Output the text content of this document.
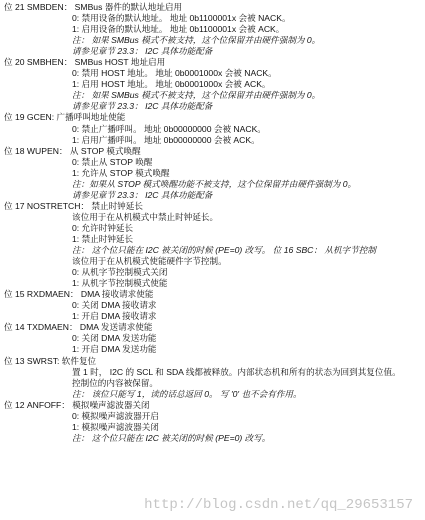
位 21 SMBDEN： SMBus 器件的默认地址启用
0: 禁用设备的默认地址。 地址 0b1100001x 会被 NACK。
1: 启用设备的默认地址。 地址 0b1100001x 会被 ACK。
注： 如果 SMBus 模式不被支持，这个位保留并由硬件强制为 0。
请参见章节 23.3： I2C 具体功能配备
位 20 SMBHEN： SMBus HOST 地址启用
0: 禁用 HOST 地址。 地址 0b0001000x 会被 NACK。
1: 启用 HOST 地址。 地址 0b0001000x 会被 ACK。
注： 如果 SMBus 模式不被支持，这个位保留并由硬件强制为 0。
请参见章节 23.3： I2C 具体功能配备
位 19 GCEN: 广播呼叫地址使能
0: 禁止广播呼叫。 地址 0b00000000 会被 NACK。
1: 启用广播呼叫。 地址 0b00000000 会被 ACK。
位 18 WUPEN： 从 STOP 模式唤醒
0: 禁止从 STOP 唤醒
1: 允许从 STOP 模式唤醒
注：如果从 STOP 模式唤醒功能不被支持，这个位保留并由硬件强制为 0。
请参见章节 23.3： I2C 具体功能配备
位 17 NOSTRETCH： 禁止时钟延长
该位用于在从机模式中禁止时钟延长。
0: 允许时钟延长
1: 禁止时钟延长
注： 这个位只能在 I2C 被关闭的时候 (PE=0) 改写。 位 16 SBC： 从机字节控制
该位用于在从机模式使能硬件字节控制。
0: 从机字节控制模式关闭
1: 从机字节控制模式使能
位 15 RXDMAEN： DMA 接收请求使能
0: 关闭 DMA 接收请求
1: 开启 DMA 接收请求
位 14 TXDMAEN： DMA 发送请求使能
0: 关闭 DMA 发送功能
1: 开启 DMA 发送功能
位 13 SWRST: 软件复位
置 1 时， I2C 的 SCL 和 SDA 线都被释放。内部状态机和所有的状态为回到其复位值。
控制位的内容被保留。
注： 该位只能写 1，读的话总返回 0。 写 '0' 也不会有作用。
位 12 ANFOFF： 模拟噪声滤波器关闭
0: 模拟噪声滤波器开启
1: 模拟噪声滤波器关闭
注： 这个位只能在 I2C 被关闭的时候 (PE=0) 改写。
http://blog.csdn.net/qq_29653157
